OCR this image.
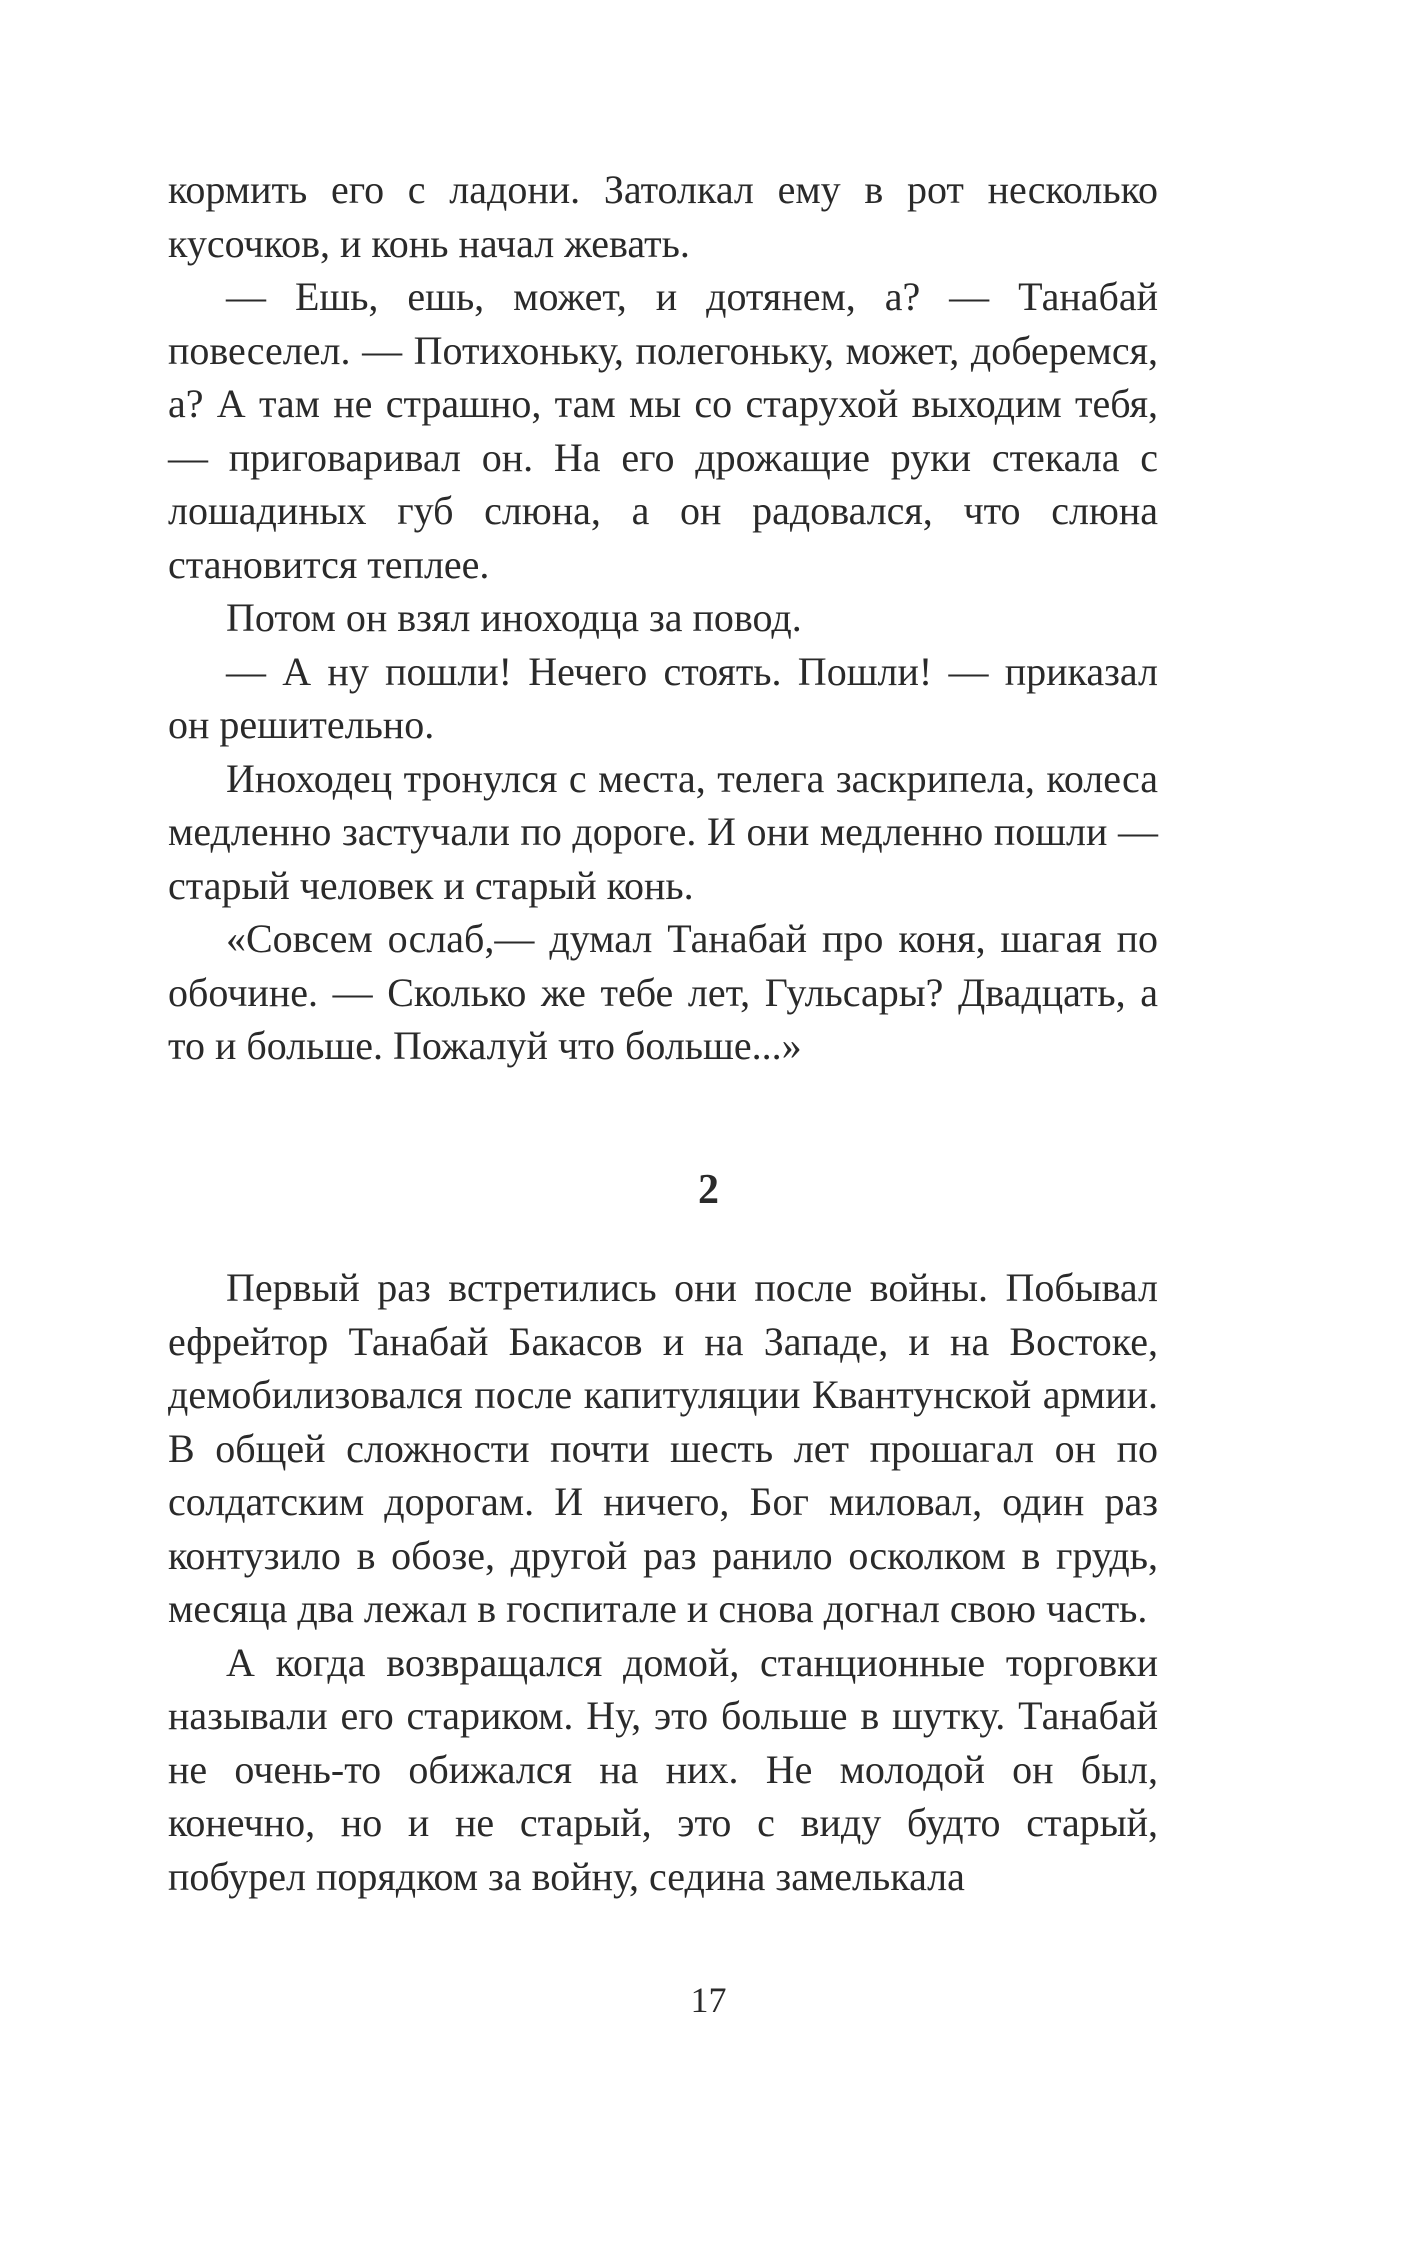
кормить его с ладони. Затолкал ему в рот несколько кусочков, и конь начал жевать.

— Ешь, ешь, может, и дотянем, а? — Танабай повеселел. — Потихоньку, полегоньку, может, доберемся, а? А там не страшно, там мы со старухой выходим тебя, — приговаривал он. На его дрожащие руки стекала с лошадиных губ слюна, а он радовался, что слюна становится теплее.

Потом он взял иноходца за повод.

— А ну пошли! Нечего стоять. Пошли! — приказал он решительно.

Иноходец тронулся с места, телега заскрипела, колеса медленно застучали по дороге. И они медленно пошли — старый человек и старый конь.

«Совсем ослаб,— думал Танабай про коня, шагая по обочине. — Сколько же тебе лет, Гульсары? Двадцать, а то и больше. Пожалуй что больше...»

2

Первый раз встретились они после войны. Побывал ефрейтор Танабай Бакасов и на Западе, и на Востоке, демобилизовался после капитуляции Квантунской армии. В общей сложности почти шесть лет прошагал он по солдатским дорогам. И ничего, Бог миловал, один раз контузило в обозе, другой раз ранило осколком в грудь, месяца два лежал в госпитале и снова догнал свою часть.

А когда возвращался домой, станционные торговки называли его стариком. Ну, это больше в шутку. Танабай не очень-то обижался на них. Не молодой он был, конечно, но и не старый, это с виду будто старый, побурел порядком за войну, седина замелькала

17
